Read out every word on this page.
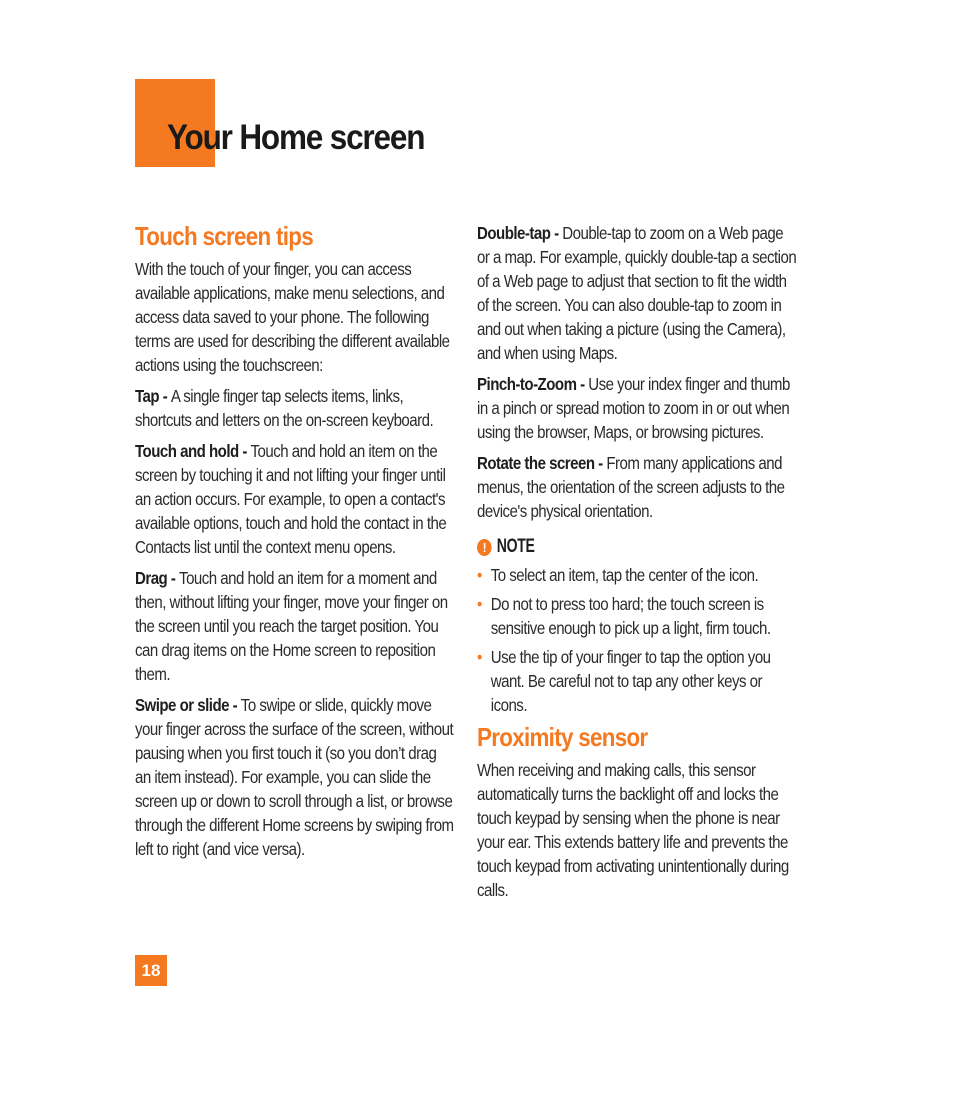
Your Home screen
Touch screen tips

With the touch of your finger, you can access available applications, make menu selections, and access data saved to your phone. The following terms are used for describing the different available actions using the touchscreen:

Tap - A single finger tap selects items, links, shortcuts and letters on the on-screen keyboard.

Touch and hold - Touch and hold an item on the screen by touching it and not lifting your finger until an action occurs. For example, to open a contact's available options, touch and hold the contact in the Contacts list until the context menu opens.

Drag - Touch and hold an item for a moment and then, without lifting your finger, move your finger on the screen until you reach the target position. You can drag items on the Home screen to reposition them.

Swipe or slide - To swipe or slide, quickly move your finger across the surface of the screen, without pausing when you first touch it (so you don’t drag an item instead). For example, you can slide the screen up or down to scroll through a list, or browse through the different Home screens by swiping from left to right (and vice versa).

Double-tap - Double-tap to zoom on a Web page or a map. For example, quickly double-tap a section of a Web page to adjust that section to fit the width of the screen. You can also double-tap to zoom in and out when taking a picture (using the Camera), and when using Maps.

Pinch-to-Zoom - Use your index finger and thumb in a pinch or spread motion to zoom in or out when using the browser, Maps, or browsing pictures.

Rotate the screen - From many applications and menus, the orientation of the screen adjusts to the device's physical orientation.

! NOTE
• To select an item, tap the center of the icon.
• Do not to press too hard; the touch screen is sensitive enough to pick up a light, firm touch.
• Use the tip of your finger to tap the option you want. Be careful not to tap any other keys or icons.
Proximity sensor

When receiving and making calls, this sensor automatically turns the backlight off and locks the touch keypad by sensing when the phone is near your ear. This extends battery life and prevents the touch keypad from activating unintentionally during calls.

18
